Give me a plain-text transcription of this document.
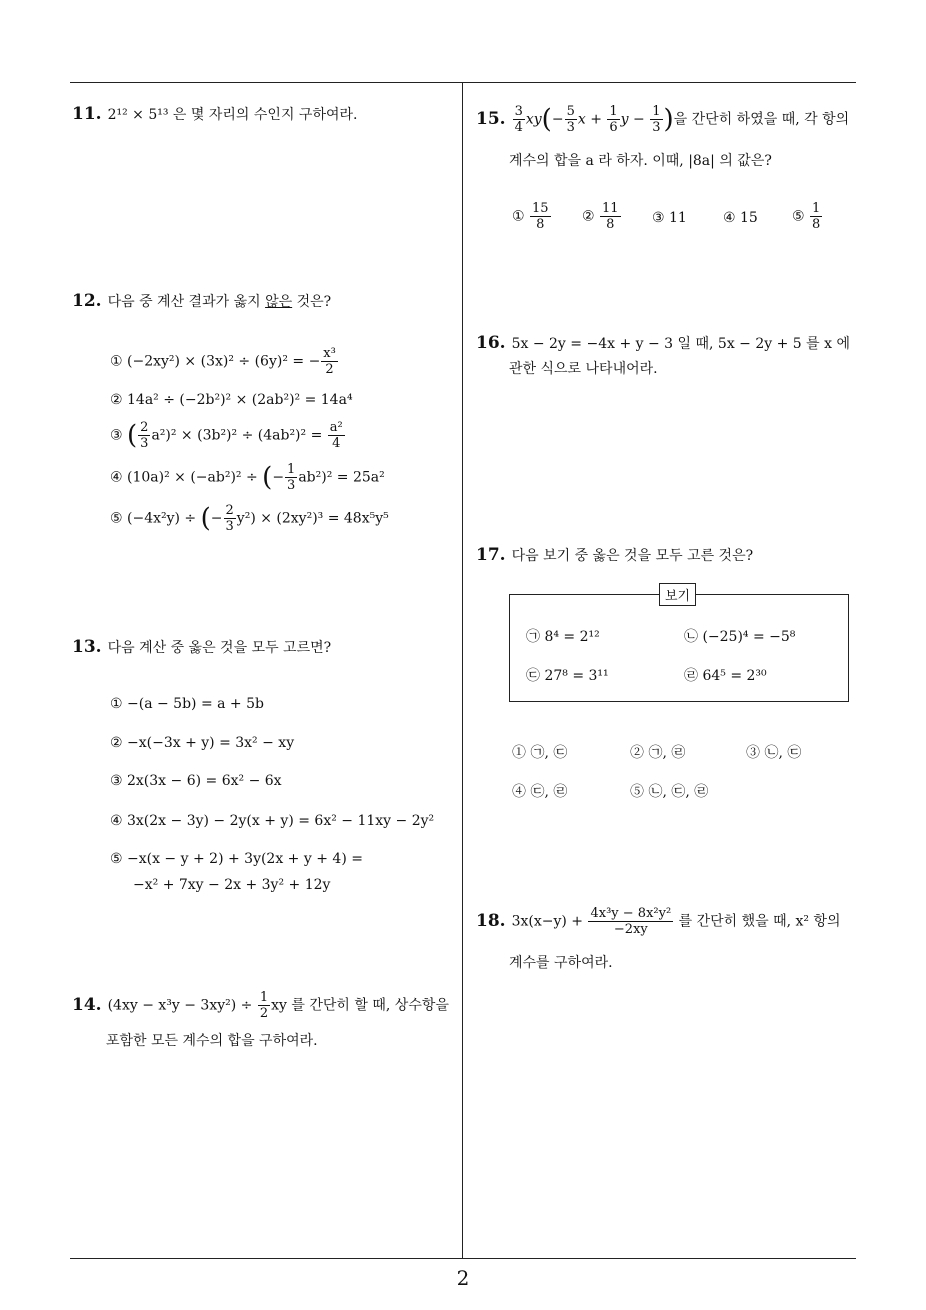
2
11. 2¹² × 5¹³ 은 몇 자리의 수인지 구하여라.
12. 다음 중 계산 결과가 옳지 않은 것은?
① (−2xy²) × (3x)² ÷ (6y)² = − $\frac{\text{x³}}{2}$
② 14a² ÷ (−2b²)² × (2ab²)² = 14a⁴
③ ( $\frac{2}{3} a^2)^2 \times (3b^2)^2 \div (4ab^2)^2 = \frac{\text{a²}}{4}$
④ (10a)² × (−ab²)² ÷ (− $\frac{1}{3} ab^2)^2 = 25a^2$
⑤ (−4x²y) ÷ (− $\frac{2}{3} y^2) \times (2xy^2)^3 = 48x^5y^5$
13. 다음 계산 중 옳은 것을 모두 고르면?
① −(a − 5b) = a + 5b
② −x(−3x + y) = 3x² − xy
③ 2x(3x − 6) = 6x² − 6x
④ 3x(2x − 3y) − 2y(x + y) = 6x² − 11xy − 2y²
⑤ −x(x − y + 2) + 3y(2x + y + 4) =
−x² + 7xy − 2x + 3y² + 12y
14. $(4xy - x^3y - 3xy^2) \div \frac{1}{2}$ xy 를 간단히 할 때, 상수항을
포함한 모든 계수의 합을 구하여라.
15. $\frac{3}{4} xy(- \frac{5}{3}$ $x + \frac{1}{6}$ $y - \frac{1}{3}$ )을 간단히 하였을 때, 각 항의
계수의 합을 a 라 하자. 이때, |8a| 의 값은?
① $\frac{15}{8}$ ② $\frac{11}{8}$ ③ 11	④ 15 ⑤ $\frac{1}{8}$
16. 5x − 2y = −4x + y − 3 일 때, 5x − 2y + 5 를 x 에
관한 식으로 나타내어라.
17. 다음 보기 중 옳은 것을 모두 고른 것은?
보기
㉠ 8⁴ = 2¹²	㉡ (−25)⁴ = −5⁸
㉢ 27⁸ = 3¹¹	㉣ 64⁵ = 2³⁰
① ㉠, ㉢	② ㉠, ㉣	③ ㉡, ㉢
④ ㉢, ㉣	⑤ ㉡, ㉢, ㉣
18. $3x(x-y) + \frac{\text{4x³y − 8x²y²}}{-2xy}$ 를 간단히 했을 때, x² 항의
계수를 구하여라.
